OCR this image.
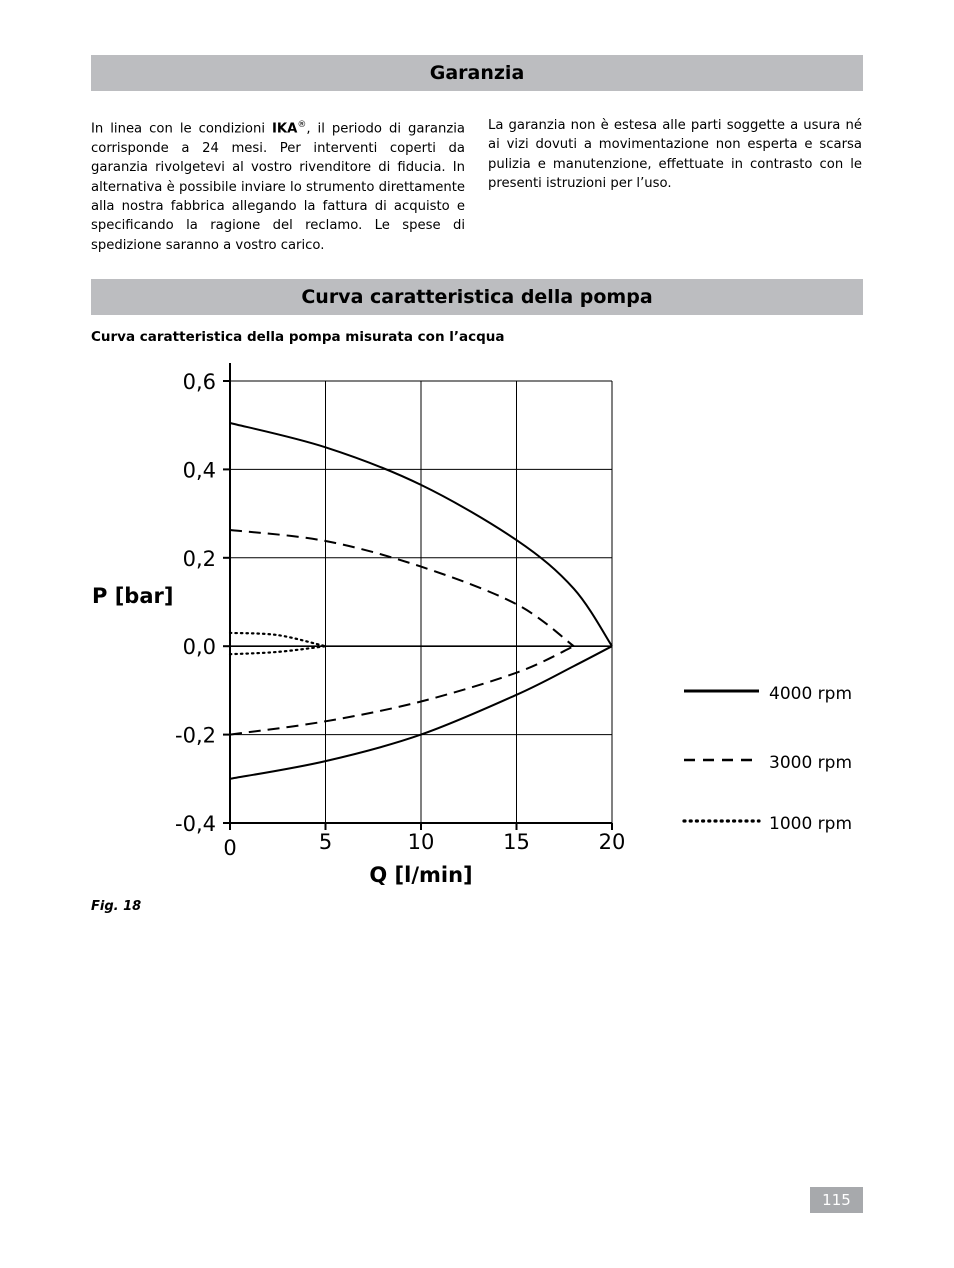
Garanzia
In linea con le condizioni IKA®, il periodo di garanzia corrisponde a 24 mesi. Per interventi coperti da garanzia rivolgetevi al vostro rivenditore di fiducia. In alternativa è possibile inviare lo strumento direttamente alla nostra fabbrica allegando la fattura di acquisto e specificando la ragione del reclamo. Le spese di spedizione saranno a vostro carico.
La garanzia non è estesa alle parti soggette a usura né ai vizi dovuti a movimentazione non esperta e scarsa pulizia e manutenzione, effettuate in contrasto con le presenti istruzioni per l’uso.
Curva caratteristica della pompa
Curva caratteristica della pompa misurata con l’acqua
0,6
0,4
0,2
0,0
-0,2
-0,4
0	5	10	15	20
4000 rpm
3000 rpm
1000 rpm
Q [l/min]
P [bar]
Fig. 18
115
